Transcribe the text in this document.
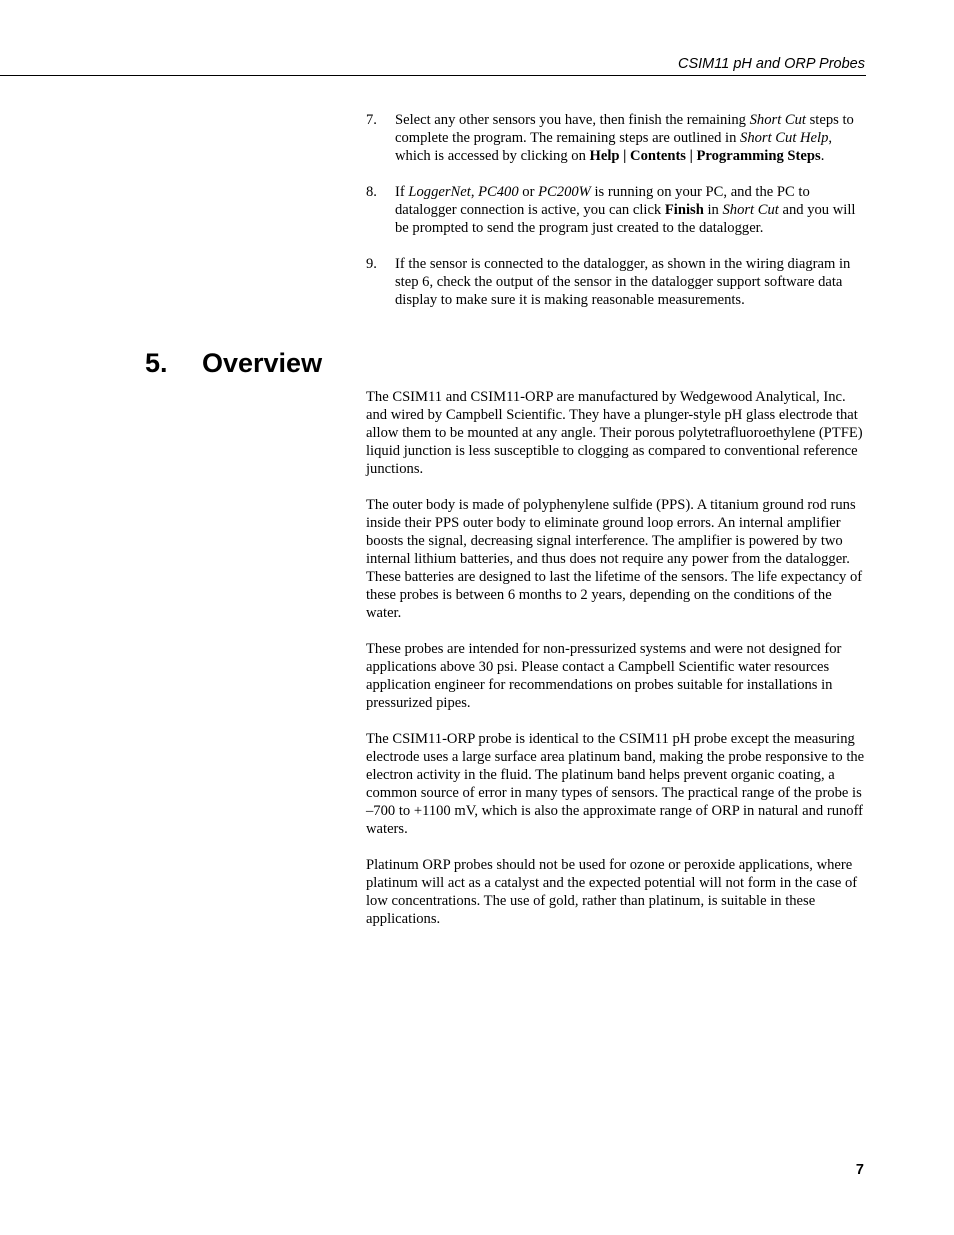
CSIM11 pH and ORP Probes
7.	Select any other sensors you have, then finish the remaining Short Cut steps to complete the program. The remaining steps are outlined in Short Cut Help, which is accessed by clicking on Help | Contents | Programming Steps.
8.	If LoggerNet, PC400 or PC200W is running on your PC, and the PC to datalogger connection is active, you can click Finish in Short Cut and you will be prompted to send the program just created to the datalogger.
9.	If the sensor is connected to the datalogger, as shown in the wiring diagram in step 6, check the output of the sensor in the datalogger support software data display to make sure it is making reasonable measurements.
5.	Overview

The CSIM11 and CSIM11-ORP are manufactured by Wedgewood Analytical, Inc. and wired by Campbell Scientific. They have a plunger-style pH glass electrode that allow them to be mounted at any angle. Their porous polytetrafluoroethylene (PTFE) liquid junction is less susceptible to clogging as compared to conventional reference junctions.

The outer body is made of polyphenylene sulfide (PPS). A titanium ground rod runs inside their PPS outer body to eliminate ground loop errors. An internal amplifier boosts the signal, decreasing signal interference. The amplifier is powered by two internal lithium batteries, and thus does not require any power from the datalogger. These batteries are designed to last the lifetime of the sensors. The life expectancy of these probes is between 6 months to 2 years, depending on the conditions of the water.

These probes are intended for non-pressurized systems and were not designed for applications above 30 psi. Please contact a Campbell Scientific water resources application engineer for recommendations on probes suitable for installations in pressurized pipes.

The CSIM11-ORP probe is identical to the CSIM11 pH probe except the measuring electrode uses a large surface area platinum band, making the probe responsive to the electron activity in the fluid. The platinum band helps prevent organic coating, a common source of error in many types of sensors. The practical range of the probe is –700 to +1100 mV, which is also the approximate range of ORP in natural and runoff waters.

Platinum ORP probes should not be used for ozone or peroxide applications, where platinum will act as a catalyst and the expected potential will not form in the case of low concentrations. The use of gold, rather than platinum, is suitable in these applications.

7
